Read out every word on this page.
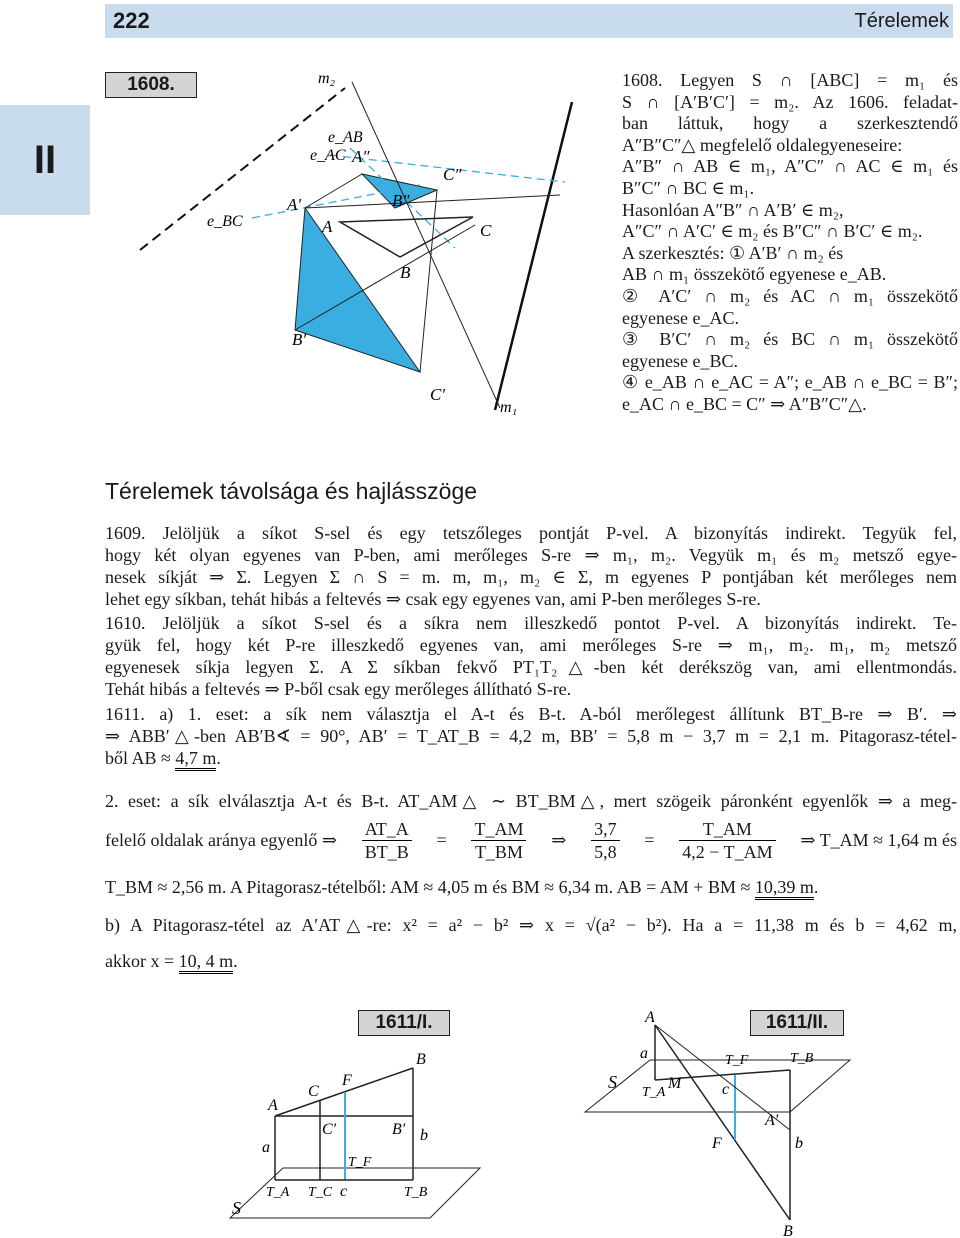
222	Térelemek
II
1608.	m₂
e_AB
e_AC A″
C″
B″
e_BC
A′
A	C
B
B′
C′
m₁
1608. Legyen S ∩ [ABC] = m₁ és
S ∩ [A′B′C′] = m₂. Az 1606. feladat-
ban láttuk, hogy a szerkesztendő
A″B″C″△ megfelelő oldalegyeneseire:
A″B″ ∩ AB ∈ m₁, A″C″ ∩ AC ∈ m₁ és
B″C″ ∩ BC ∈ m₁.
Hasonlóan A″B″ ∩ A′B′ ∈ m₂,
A″C″ ∩ A′C′ ∈ m₂ és B″C″ ∩ B′C′ ∈ m₂.
A szerkesztés: ① A′B′ ∩ m₂ és
AB ∩ m₁ összekötő egyenese e_AB.
② A′C′ ∩ m₂ és AC ∩ m₁ összekötő
egyenese e_AC.
③ B′C′ ∩ m₂ és BC ∩ m₁ összekötő
egyenese e_BC.
④ e_AB ∩ e_AC = A″; e_AB ∩ e_BC = B″;
e_AC ∩ e_BC = C″ ⇒ A″B″C″△.
Térelemek távolsága és hajlásszöge
1609. Jelöljük a síkot S-sel és egy tetszőleges pontját P-vel. A bizonyítás indirekt. Tegyük fel,
hogy két olyan egyenes van P-ben, ami merőleges S-re ⇒ m₁, m₂. Vegyük m₁ és m₂ metsző egye-
nesek síkját ⇒ Σ. Legyen Σ ∩ S = m. m, m₁, m₂ ∈ Σ, m egyenes P pontjában két merőleges nem
lehet egy síkban, tehát hibás a feltevés ⇒ csak egy egyenes van, ami P-ben merőleges S-re.
1610. Jelöljük a síkot S-sel és a síkra nem illeszkedő pontot P-vel. A bizonyítás indirekt. Te-
gyük fel, hogy két P-re illeszkedő egyenes van, ami merőleges S-re ⇒ m₁, m₂. m₁, m₂ metsző
egyenesek síkja legyen Σ. A Σ síkban fekvő PT₁T₂△-ben két derékszög van, ami ellentmondás.
Tehát hibás a feltevés ⇒ P-ből csak egy merőleges állítható S-re.
1611. a) 1. eset: a sík nem választja el A-t és B-t. A-ból merőlegest állítunk BT_B-re ⇒ B′. ⇒
⇒ ABB′△-ben AB′B∢ = 90°, AB′ = T_AT_B = 4,2 m, BB′ = 5,8 m − 3,7 m = 2,1 m. Pitagorasz-tétel-
ből AB ≈ 4,7 m.
2. eset: a sík elválasztja A-t és B-t. AT_AM△ ∼ BT_BM△, mert szögeik páronként egyenlők ⇒ a meg-
felelő oldalak aránya egyenlő ⇒ $\frac{AT\_A}{BT\_B} = \frac{T\_AM}{T\_BM}$ ⇒ $\frac{3,7}{5,8} = \frac{T\_AM}{4,2 - T\_AM}$ ⇒ T_AM ≈ 1,64 m és
T_BM ≈ 2,56 m. A Pitagorasz-tételből: AM ≈ 4,05 m és BM ≈ 6,34 m. AB = AM + BM ≈ 10,39 m.
b) A Pitagorasz-tétel az A′AT△-re: x² = a² − b² ⇒ x = √(a² − b²). Ha a = 11,38 m és b = 4,62 m,
akkor x = 10, 4 m.
1611/I.	1611/II.
A
C
F
B
C′	B′
a
b
T_F
T_A T_C c	T_B
S
A
a	T_F	T_B
S
T_A
M	c
A′
F	b
B
